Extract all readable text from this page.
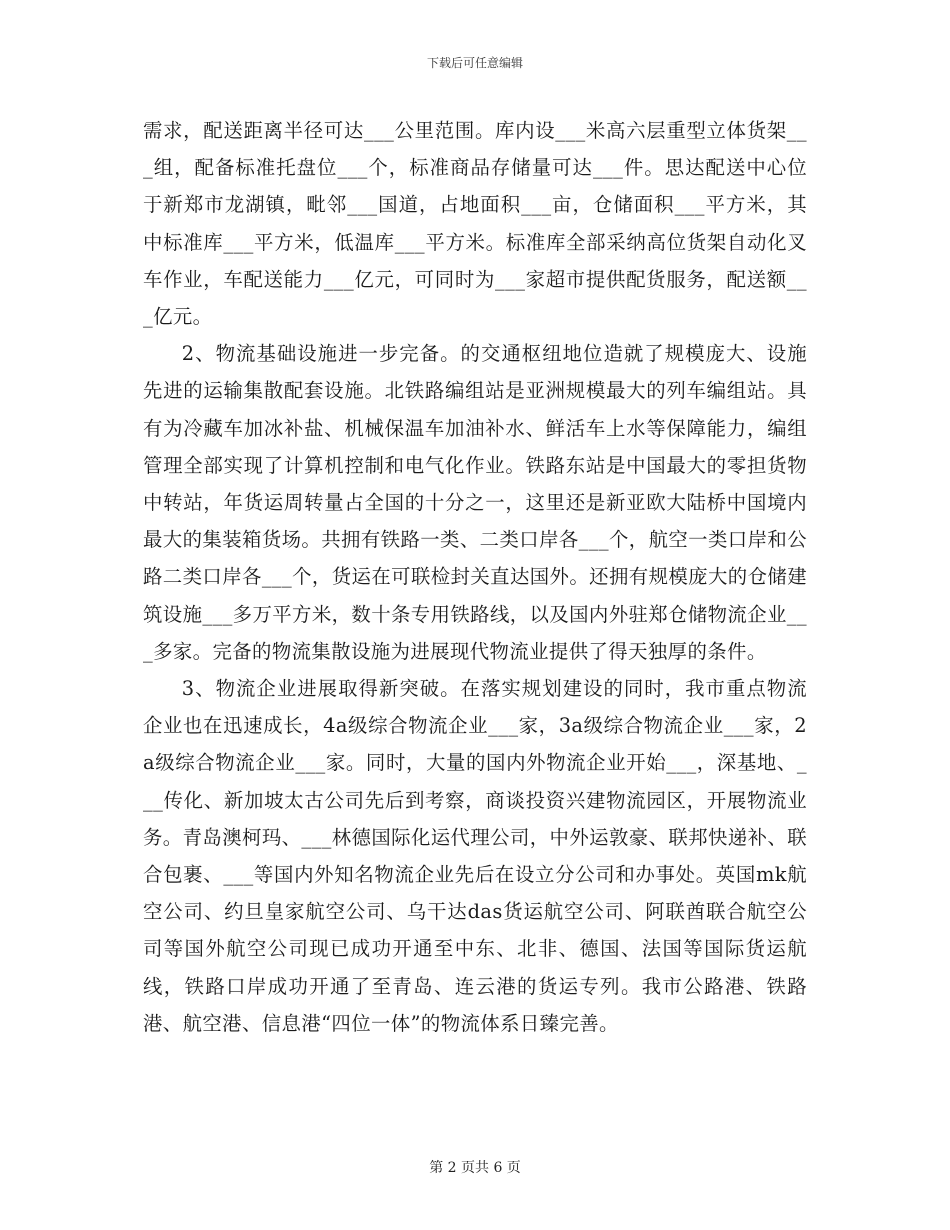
下载后可任意编辑

需求，配送距离半径可达___公里范围。库内设___米高六层重型立体货架___组，配备标准托盘位___个，标准商品存储量可达___件。思达配送中心位于新郑市龙湖镇，毗邻___国道，占地面积___亩，仓储面积___平方米，其中标准库___平方米，低温库___平方米。标准库全部采纳高位货架自动化叉车作业，车配送能力___亿元，可同时为___家超市提供配货服务，配送额___亿元。

2、物流基础设施进一步完备。的交通枢纽地位造就了规模庞大、设施先进的运输集散配套设施。北铁路编组站是亚洲规模最大的列车编组站。具有为冷藏车加冰补盐、机械保温车加油补水、鲜活车上水等保障能力，编组管理全部实现了计算机控制和电气化作业。铁路东站是中国最大的零担货物中转站，年货运周转量占全国的十分之一，这里还是新亚欧大陆桥中国境内最大的集装箱货场。共拥有铁路一类、二类口岸各___个，航空一类口岸和公路二类口岸各___个，货运在可联检封关直达国外。还拥有规模庞大的仓储建筑设施___多万平方米，数十条专用铁路线，以及国内外驻郑仓储物流企业___多家。完备的物流集散设施为进展现代物流业提供了得天独厚的条件。

3、物流企业进展取得新突破。在落实规划建设的同时，我市重点物流企业也在迅速成长，4a级综合物流企业___家，3a级综合物流企业___家，2a级综合物流企业___家。同时，大量的国内外物流企业开始___，深基地、___传化、新加坡太古公司先后到考察，商谈投资兴建物流园区，开展物流业务。青岛澳柯玛、___林德国际化运代理公司，中外运敦豪、联邦快递补、联合包裹、___等国内外知名物流企业先后在设立分公司和办事处。英国mk航空公司、约旦皇家航空公司、乌干达das货运航空公司、阿联酋联合航空公司等国外航空公司现已成功开通至中东、北非、德国、法国等国际货运航线，铁路口岸成功开通了至青岛、连云港的货运专列。我市公路港、铁路港、航空港、信息港“四位一体”的物流体系日臻完善。

第 2 页共 6 页
